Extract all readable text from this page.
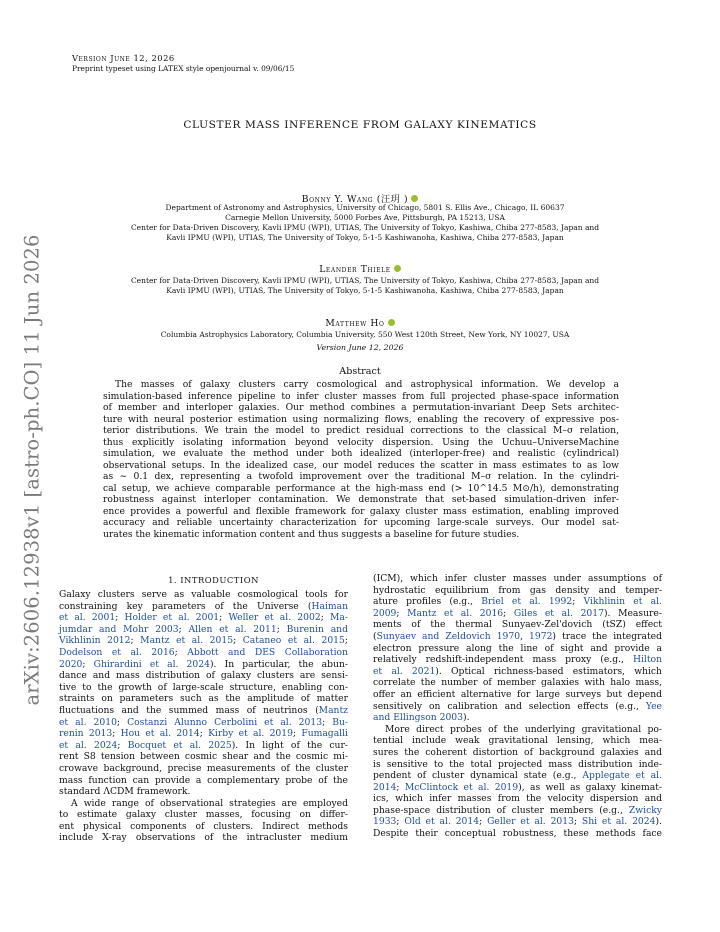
arXiv:2606.12938v1 [astro-ph.CO] 11 Jun 2026
Version June 12, 2026
Preprint typeset using LATEX style openjournal v. 09/06/15
CLUSTER MASS INFERENCE FROM GALAXY KINEMATICS
Bonny Y. Wang (汪玥 )
Department of Astronomy and Astrophysics, University of Chicago, 5801 S. Ellis Ave., Chicago, IL 60637
Carnegie Mellon University, 5000 Forbes Ave, Pittsburgh, PA 15213, USA
Center for Data-Driven Discovery, Kavli IPMU (WPI), UTIAS, The University of Tokyo, Kashiwa, Chiba 277-8583, Japan and
Kavli IPMU (WPI), UTIAS, The University of Tokyo, 5-1-5 Kashiwanoha, Kashiwa, Chiba 277-8583, Japan
Leander Thiele
Center for Data-Driven Discovery, Kavli IPMU (WPI), UTIAS, The University of Tokyo, Kashiwa, Chiba 277-8583, Japan and
Kavli IPMU (WPI), UTIAS, The University of Tokyo, 5-1-5 Kashiwanoha, Kashiwa, Chiba 277-8583, Japan
Matthew Ho
Columbia Astrophysics Laboratory, Columbia University, 550 West 120th Street, New York, NY 10027, USA
Version June 12, 2026
Abstract
The masses of galaxy clusters carry cosmological and astrophysical information. We develop a
simulation-based inference pipeline to infer cluster masses from full projected phase-space information
of member and interloper galaxies. Our method combines a permutation-invariant Deep Sets architec-
ture with neural posterior estimation using normalizing flows, enabling the recovery of expressive pos-
terior distributions. We train the model to predict residual corrections to the classical M–σ relation,
thus explicitly isolating information beyond velocity dispersion. Using the Uchuu–UniverseMachine
simulation, we evaluate the method under both idealized (interloper-free) and realistic (cylindrical)
observational setups. In the idealized case, our model reduces the scatter in mass estimates to as low
as ∼ 0.1 dex, representing a twofold improvement over the traditional M–σ relation. In the cylindri-
cal setup, we achieve comparable performance at the high-mass end (> 10^14.5 M⊙/h), demonstrating
robustness against interloper contamination. We demonstrate that set-based simulation-driven infer-
ence provides a powerful and flexible framework for galaxy cluster mass estimation, enabling improved
accuracy and reliable uncertainty characterization for upcoming large-scale surveys. Our model sat-
urates the kinematic information content and thus suggests a baseline for future studies.
1. INTRODUCTION
Galaxy clusters serve as valuable cosmological tools for
constraining key parameters of the Universe (Haiman
et al. 2001; Holder et al. 2001; Weller et al. 2002; Ma-
jumdar and Mohr 2003; Allen et al. 2011; Burenin and
Vikhlinin 2012; Mantz et al. 2015; Cataneo et al. 2015;
Dodelson et al. 2016; Abbott and DES Collaboration
2020; Ghirardini et al. 2024). In particular, the abun-
dance and mass distribution of galaxy clusters are sensi-
tive to the growth of large-scale structure, enabling con-
straints on parameters such as the amplitude of matter
fluctuations and the summed mass of neutrinos (Mantz
et al. 2010; Costanzi Alunno Cerbolini et al. 2013; Bu-
renin 2013; Hou et al. 2014; Kirby et al. 2019; Fumagalli
et al. 2024; Bocquet et al. 2025). In light of the cur-
rent S8 tension between cosmic shear and the cosmic mi-
crowave background, precise measurements of the cluster
mass function can provide a complementary probe of the
standard ΛCDM framework.
A wide range of observational strategies are employed
to estimate galaxy cluster masses, focusing on differ-
ent physical components of clusters. Indirect methods
include X-ray observations of the intracluster medium
(ICM), which infer cluster masses under assumptions of
hydrostatic equilibrium from gas density and temper-
ature profiles (e.g., Briel et al. 1992; Vikhlinin et al.
2009; Mantz et al. 2016; Giles et al. 2017). Measure-
ments of the thermal Sunyaev-Zel'dovich (tSZ) effect
(Sunyaev and Zeldovich 1970, 1972) trace the integrated
electron pressure along the line of sight and provide a
relatively redshift-independent mass proxy (e.g., Hilton
et al. 2021). Optical richness-based estimators, which
correlate the number of member galaxies with halo mass,
offer an efficient alternative for large surveys but depend
sensitively on calibration and selection effects (e.g., Yee
and Ellingson 2003).
More direct probes of the underlying gravitational po-
tential include weak gravitational lensing, which mea-
sures the coherent distortion of background galaxies and
is sensitive to the total projected mass distribution inde-
pendent of cluster dynamical state (e.g., Applegate et al.
2014; McClintock et al. 2019), as well as galaxy kinemat-
ics, which infer masses from the velocity dispersion and
phase-space distribution of cluster members (e.g., Zwicky
1933; Old et al. 2014; Geller et al. 2013; Shi et al. 2024).
Despite their conceptual robustness, these methods face
